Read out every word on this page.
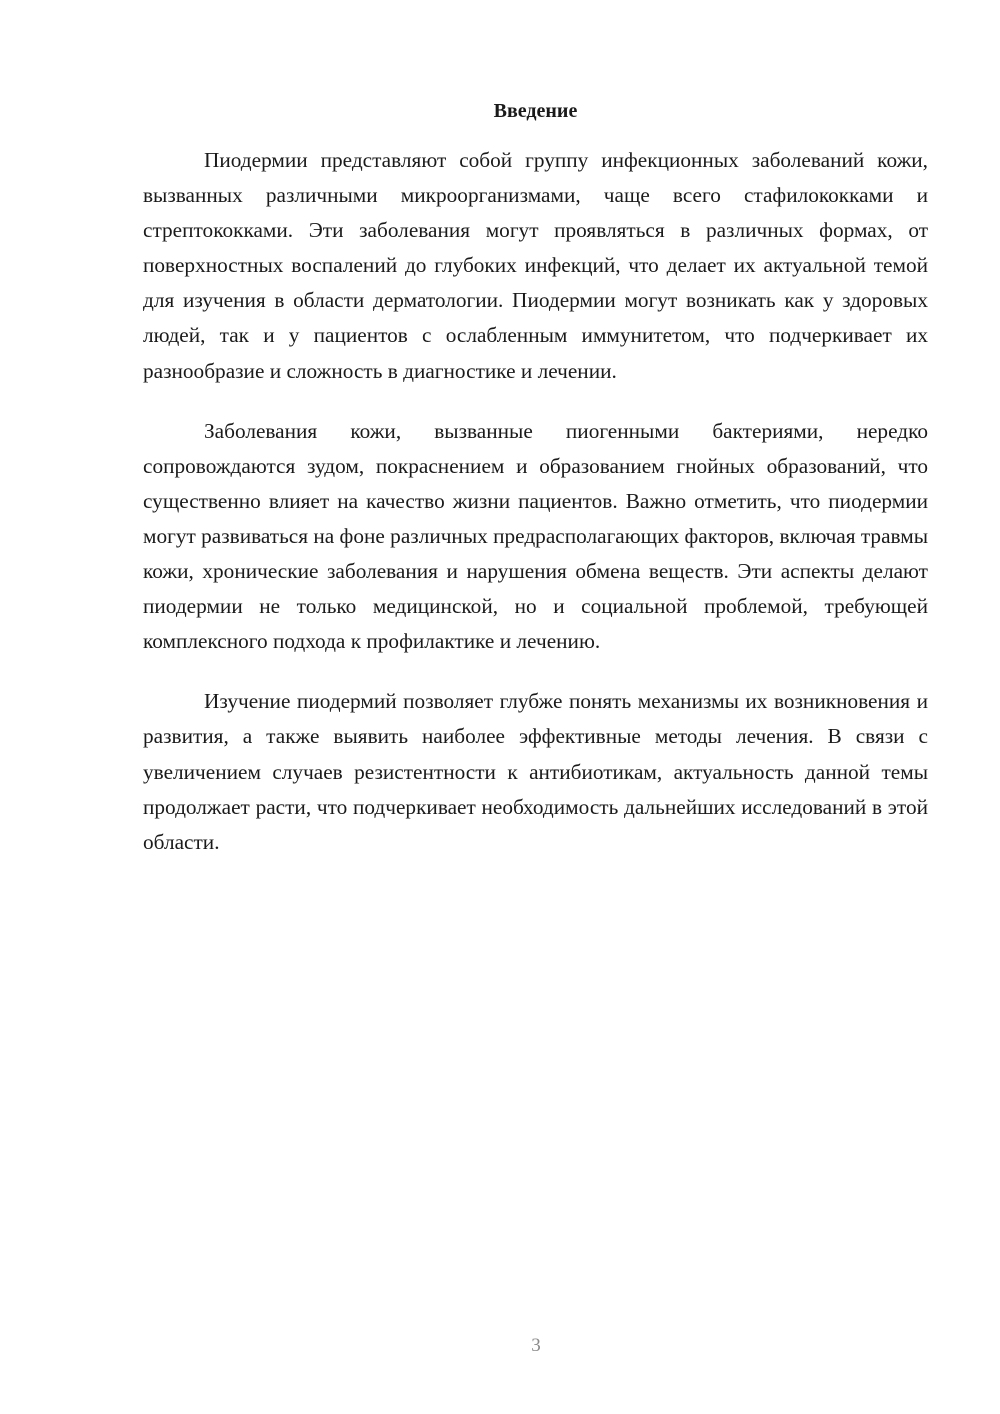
Введение

Пиодермии представляют собой группу инфекционных заболеваний кожи, вызванных различными микроорганизмами, чаще всего стафилококками и стрептококками. Эти заболевания могут проявляться в различных формах, от поверхностных воспалений до глубоких инфекций, что делает их актуальной темой для изучения в области дерматологии. Пиодермии могут возникать как у здоровых людей, так и у пациентов с ослабленным иммунитетом, что подчеркивает их разнообразие и сложность в диагностике и лечении.

Заболевания кожи, вызванные пиогенными бактериями, нередко сопровождаются зудом, покраснением и образованием гнойных образований, что существенно влияет на качество жизни пациентов. Важно отметить, что пиодермии могут развиваться на фоне различных предрасполагающих факторов, включая травмы кожи, хронические заболевания и нарушения обмена веществ. Эти аспекты делают пиодермии не только медицинской, но и социальной проблемой, требующей комплексного подхода к профилактике и лечению.

Изучение пиодермий позволяет глубже понять механизмы их возникновения и развития, а также выявить наиболее эффективные методы лечения. В связи с увеличением случаев резистентности к антибиотикам, актуальность данной темы продолжает расти, что подчеркивает необходимость дальнейших исследований в этой области.

3
